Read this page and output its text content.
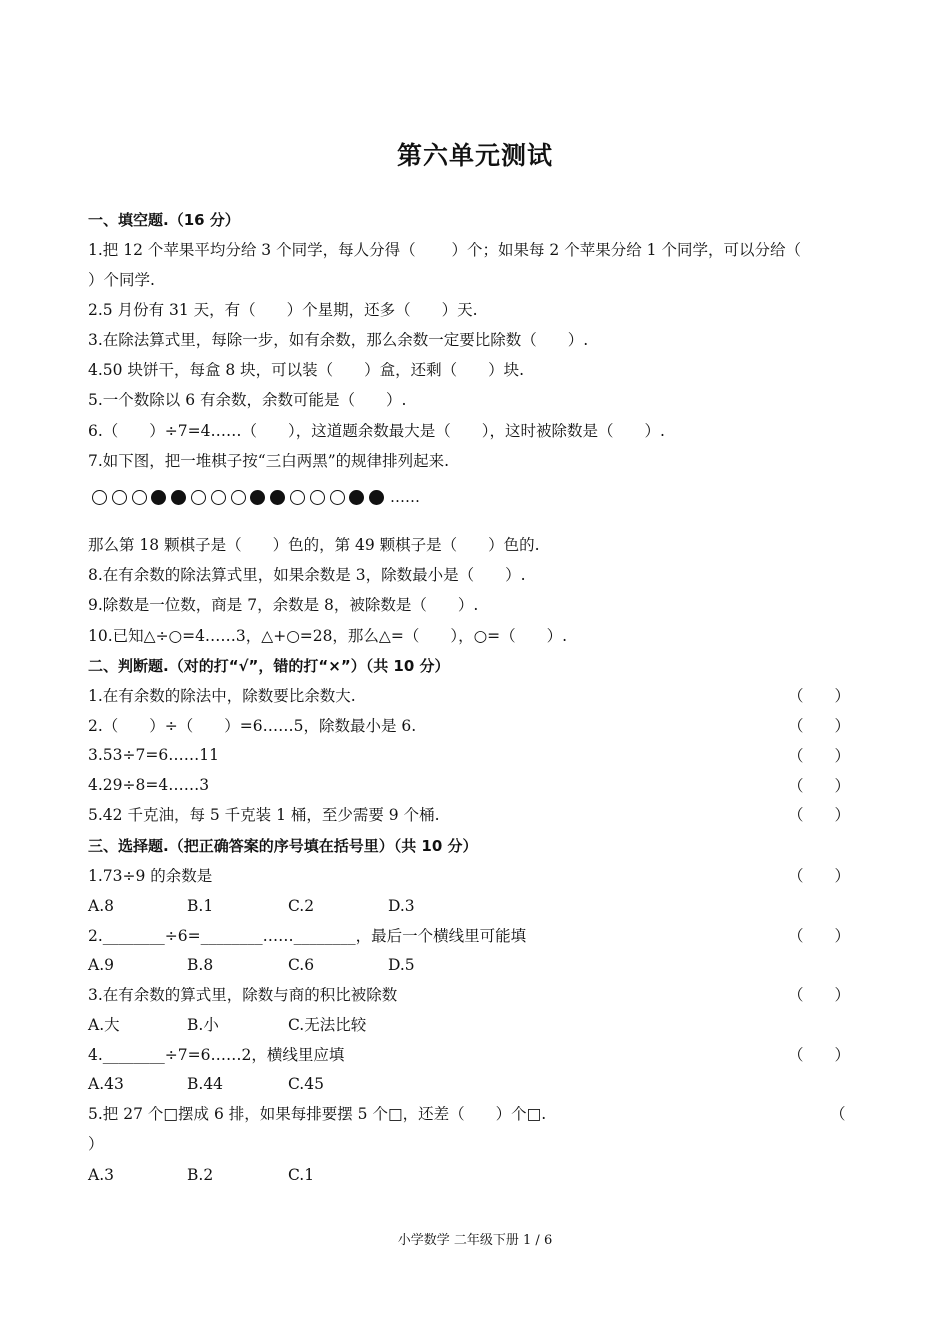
第六单元测试
一、填空题.（16 分）
1.把 12 个苹果平均分给 3 个同学，每人分得（　　 ）个；如果每 2 个苹果分给 1 个同学，可以分给（
）个同学.
2.5 月份有 31 天，有（　　）个星期，还多（　　）天.
3.在除法算式里，每除一步，如有余数，那么余数一定要比除数（　　）.
4.50 块饼干，每盒 8 块，可以装（　　）盒，还剩（　　）块.
5.一个数除以 6 有余数，余数可能是（　　）.
6.（　　）÷7=4……（　　），这道题余数最大是（　　），这时被除数是（　　）.
7.如下图，把一堆棋子按“三白两黑”的规律排列起来.
……
那么第 18 颗棋子是（　　）色的，第 49 颗棋子是（　　）色的.
8.在有余数的除法算式里，如果余数是 3，除数最小是（　　）.
9.除数是一位数，商是 7，余数是 8，被除数是（　　）.
10.已知△÷○=4……3，△+○=28，那么△=（　　），○=（　　）.
二、判断题.（对的打“√”，错的打“×”）（共 10 分）
1.在有余数的除法中，除数要比余数大.	（　　）
2.（　　）÷（　　）=6……5，除数最小是 6.	（　　）
3.53÷7=6……11	（　　）
4.29÷8=4……3	（　　）
5.42 千克油，每 5 千克装 1 桶，至少需要 9 个桶.	（　　）
三、选择题.（把正确答案的序号填在括号里）（共 10 分）
1.73÷9 的余数是	（　　）
A.8	B.1	C.2	D.3
2.________÷6=________……________，最后一个横线里可能填	（　　）
A.9	B.8	C.6	D.5
3.在有余数的算式里，除数与商的积比被除数	（　　）
A.大	B.小	C.无法比较
4.________÷7=6……2，横线里应填	（　　）
A.43	B.44	C.45
5.把 27 个□摆成 6 排，如果每排要摆 5 个□，还差（　　）个□.	（
）
A.3	B.2	C.1
小学数学 二年级下册 1 / 6
